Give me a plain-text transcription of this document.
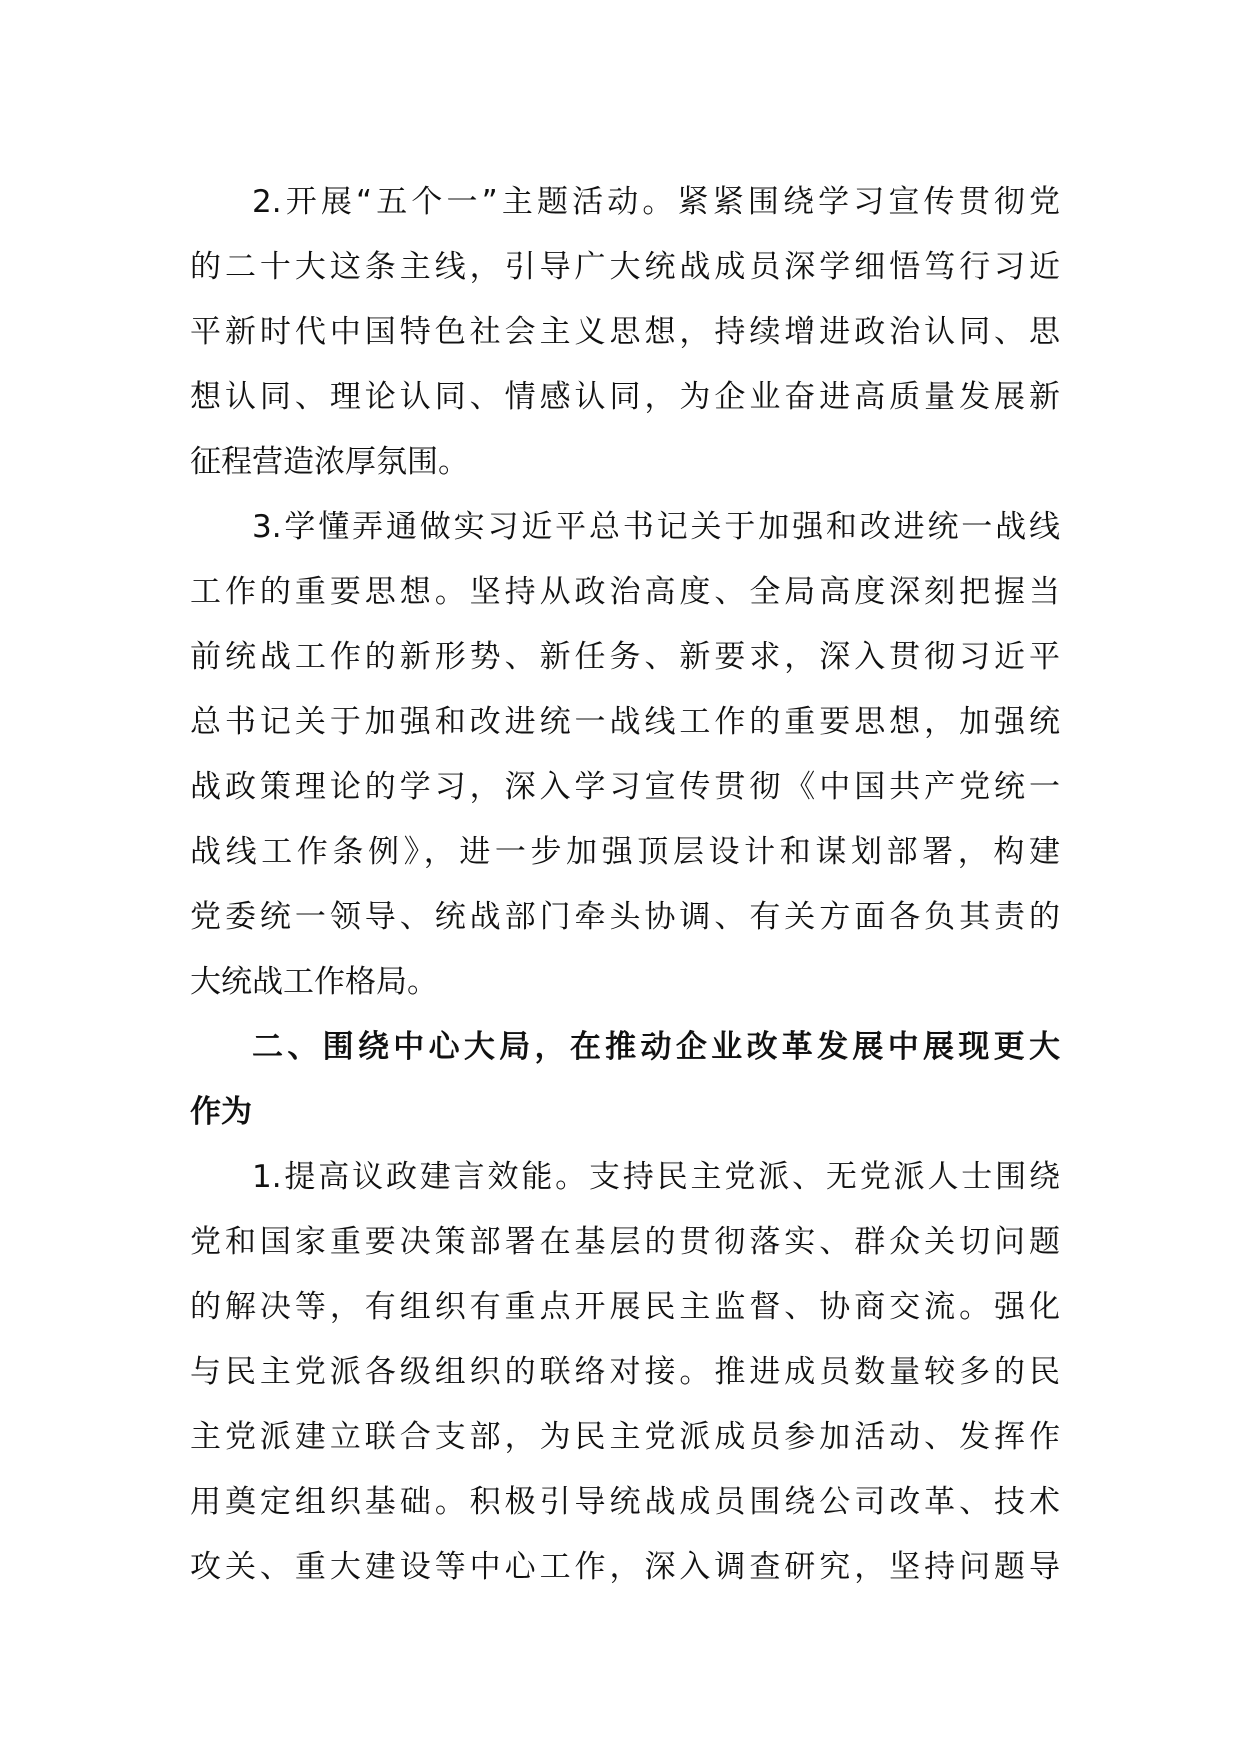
2.开展“五个一”主题活动。紧紧围绕学习宣传贯彻党
的二十大这条主线，引导广大统战成员深学细悟笃行习近
平新时代中国特色社会主义思想，持续增进政治认同、思
想认同、理论认同、情感认同，为企业奋进高质量发展新
征程营造浓厚氛围。
3.学懂弄通做实习近平总书记关于加强和改进统一战线
工作的重要思想。坚持从政治高度、全局高度深刻把握当
前统战工作的新形势、新任务、新要求，深入贯彻习近平
总书记关于加强和改进统一战线工作的重要思想，加强统
战政策理论的学习，深入学习宣传贯彻《中国共产党统一
战线工作条例》，进一步加强顶层设计和谋划部署，构建
党委统一领导、统战部门牵头协调、有关方面各负其责的
大统战工作格局。
二、围绕中心大局，在推动企业改革发展中展现更大
作为
1.提高议政建言效能。支持民主党派、无党派人士围绕
党和国家重要决策部署在基层的贯彻落实、群众关切问题
的解决等，有组织有重点开展民主监督、协商交流。强化
与民主党派各级组织的联络对接。推进成员数量较多的民
主党派建立联合支部，为民主党派成员参加活动、发挥作
用奠定组织基础。积极引导统战成员围绕公司改革、技术
攻关、重大建设等中心工作，深入调查研究，坚持问题导
